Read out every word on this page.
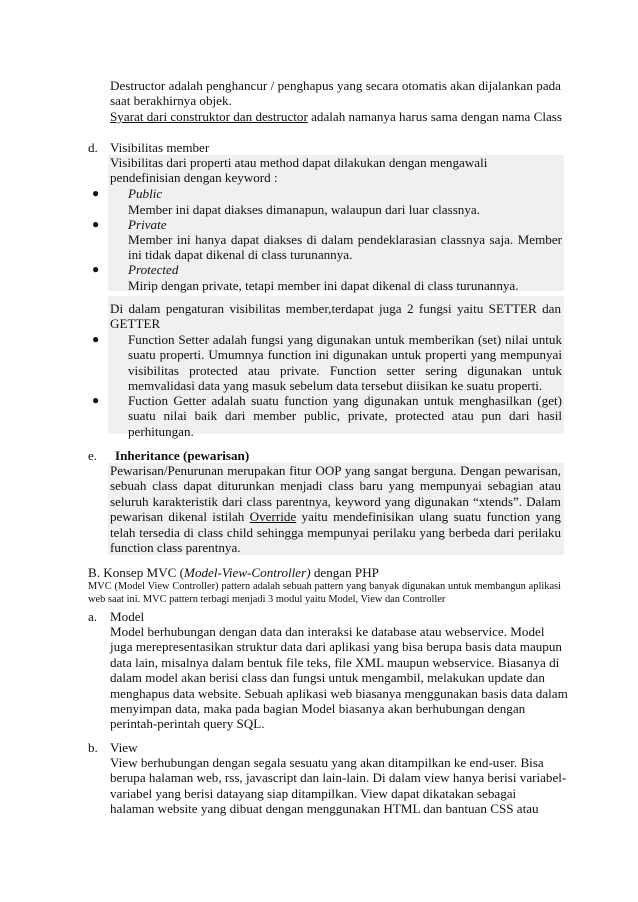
Destructor adalah penghancur / penghapus yang secara otomatis akan dijalankan pada saat berakhirnya objek.

Syarat dari construktor dan destructor adalah namanya harus sama dengan nama Class
d. Visibilitas member
Visibilitas dari properti atau method dapat dilakukan dengan mengawali pendefinisian dengan keyword :
● Public
Member ini dapat diakses dimanapun, walaupun dari luar classnya.
● Private
Member ini hanya dapat diakses di dalam pendeklarasian classnya saja. Member ini tidak dapat dikenal di class turunannya.
● Protected
Mirip dengan private, tetapi member ini dapat dikenal di class turunannya.
Di dalam pengaturan visibilitas member,terdapat juga 2 fungsi yaitu SETTER dan GETTER
● Function Setter adalah fungsi yang digunakan untuk memberikan (set) nilai untuk suatu properti. Umumnya function ini digunakan untuk properti yang mempunyai visibilitas protected atau private. Function setter sering digunakan untuk memvalidasi data yang masuk sebelum data tersebut diisikan ke suatu properti.
● Fuction Getter adalah suatu function yang digunakan untuk menghasilkan (get) suatu nilai baik dari member public, private, protected atau pun dari hasil perhitungan.
e. Inheritance (pewarisan)
Pewarisan/Penurunan merupakan fitur OOP yang sangat berguna. Dengan pewarisan, sebuah class dapat diturunkan menjadi class baru yang mempunyai sebagian atau seluruh karakteristik dari class parentnya, keyword yang digunakan “xtends”. Dalam pewarisan dikenal istilah Override yaitu mendefinisikan ulang suatu function yang telah tersedia di class child sehingga mempunyai perilaku yang berbeda dari perilaku function class parentnya.
B. Konsep MVC (Model-View-Controller) dengan PHP
MVC (Model View Controller) pattern adalah sebuah pattern yang banyak digunakan untuk membangun aplikasi web saat ini. MVC pattern terbagi menjadi 3 modul yaitu Model, View dan Controller
a. Model

Model berhubungan dengan data dan interaksi ke database atau webservice. Model

juga merepresentasikan struktur data dari aplikasi yang bisa berupa basis data maupun

data lain, misalnya dalam bentuk file teks, file XML maupun webservice. Biasanya di

dalam model akan berisi class dan fungsi untuk mengambil, melakukan update dan

menghapus data website. Sebuah aplikasi web biasanya menggunakan basis data dalam

menyimpan data, maka pada bagian Model biasanya akan berhubungan dengan

perintah-perintah query SQL.

b. View

View berhubungan dengan segala sesuatu yang akan ditampilkan ke end-user. Bisa

berupa halaman web, rss, javascript dan lain-lain. Di dalam view hanya berisi variabel-

variabel yang berisi datayang siap ditampilkan. View dapat dikatakan sebagai

halaman website yang dibuat dengan menggunakan HTML dan bantuan CSS atau
